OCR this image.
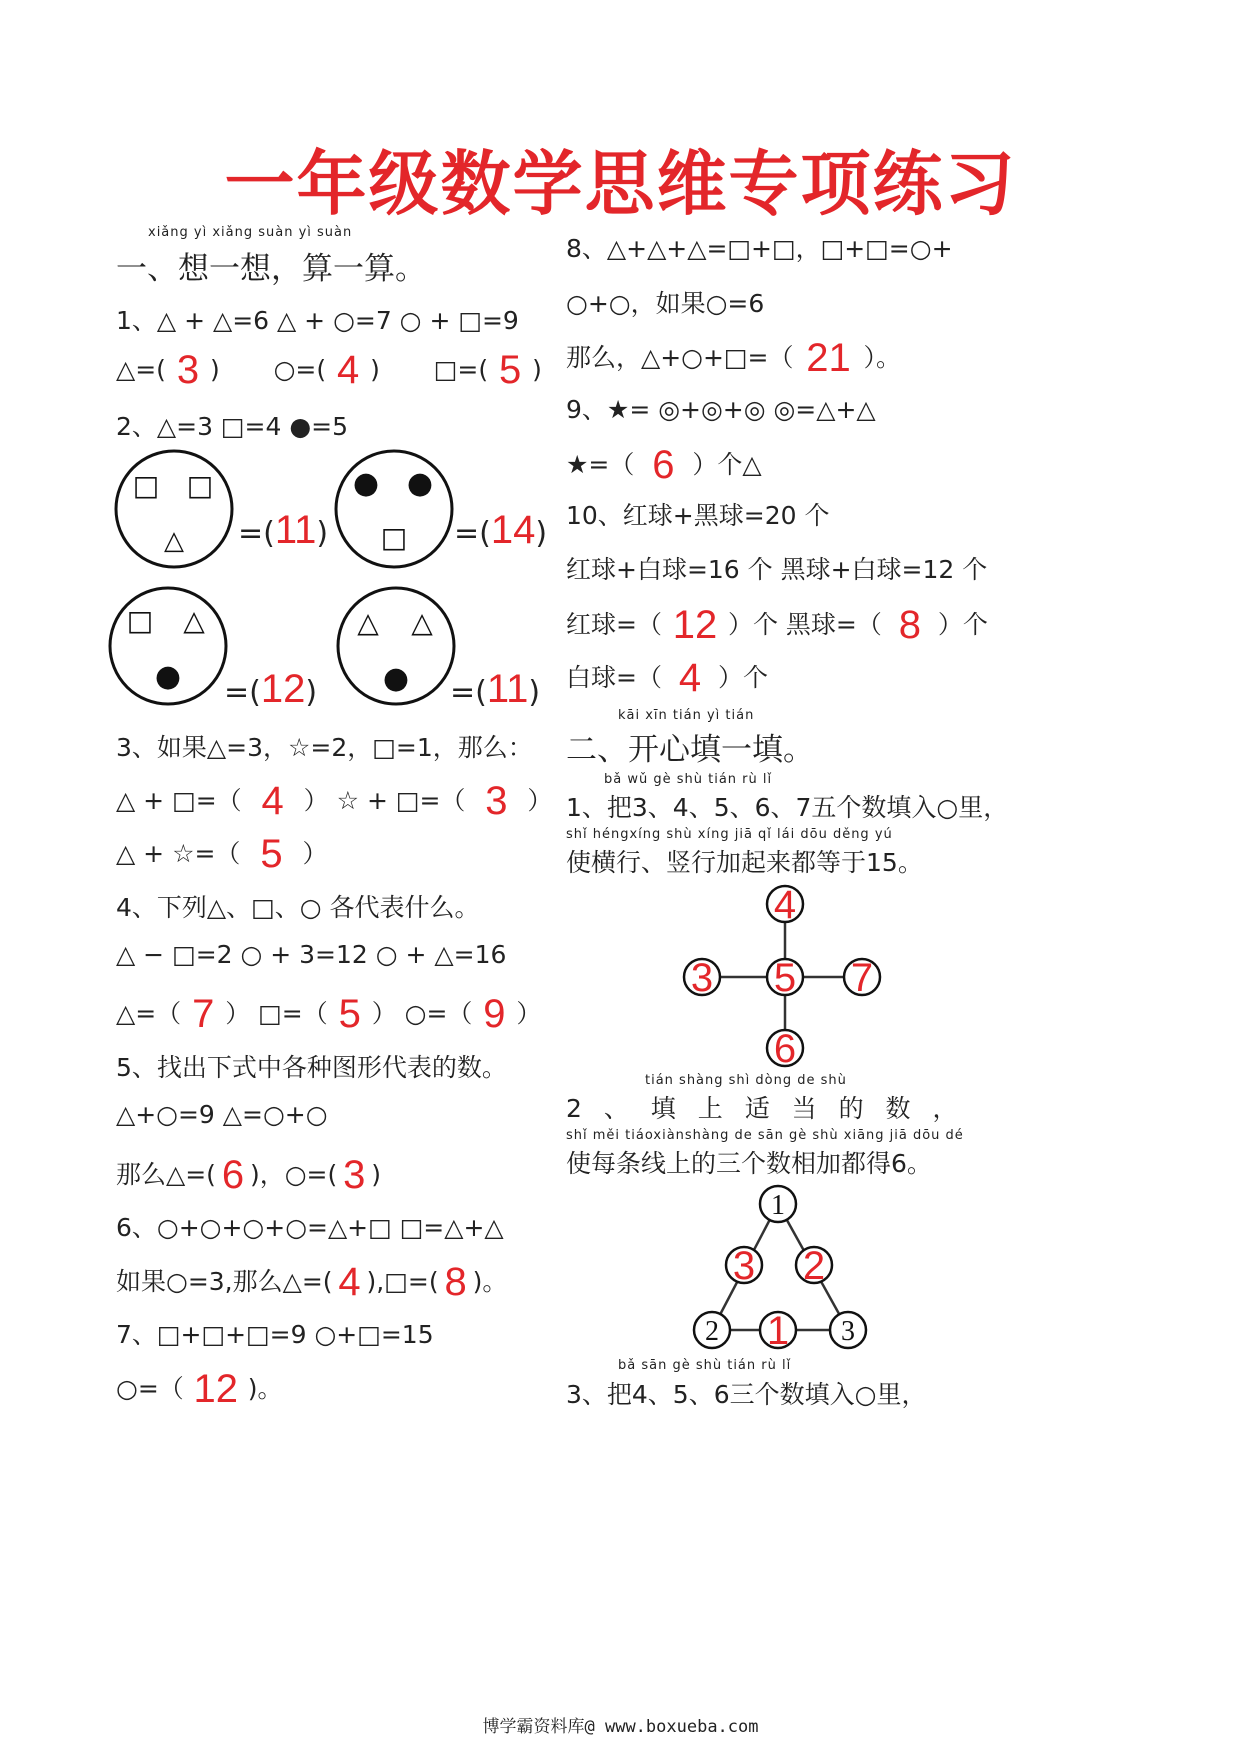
一年级数学思维专项练习
xiǎng yì xiǎng suàn yì suàn
一、想一想，算一算。
1、△ + △=6 △ + ○=7 ○ + □=9
△=( 3 ) ○=( 4 ) □=( 5 )
2、△=3 □=4 ●=5
□ □
△ =(11)
● ●
□ =(14)
□ △
● =(12)
△ △
● =(11)
3、如果△=3，☆=2，□=1，那么：
△ + □=（ 4 ） ☆ + □=（ 3 ）
△ + ☆=（ 5 ）
4、下列△、□、○ 各代表什么。
△ − □=2 ○ + 3=12 ○ + △=16
△=（ 7 ） □=（ 5 ） ○=（ 9 ）
5、找出下式中各种图形代表的数。
△+○=9 △=○+○
那么△=( 6 )，○=( 3 )
6、○+○+○+○=△+□ □=△+△
如果○=3,那么△=( 4 ),□=( 8 )。
7、□+□+□=9 ○+□=15
○=（ 12 )。
8、△+△+△=□+□，□+□=○+
○+○，如果○=6
那么，△+○+□=（ 21 ）。
9、★= ◎+◎+◎ ◎=△+△
★=（ 6 ）个△
10、红球+黑球=20 个
红球+白球=16 个 黑球+白球=12 个
红球=（ 12 ）个 黑球=（ 8 ）个
白球=（ 4 ）个
kāi xīn tián yì tián
二、开心填一填。
bǎ wǔ gè shù tián rù lǐ
1、把3、4、5、6、7五个数填入○里，
shǐ héngxíng shù xíng jiā qǐ lái dōu děng yú
使横行、竖行加起来都等于15。
4
3 5 7
6
tián shàng shì dòng de shù
2 、 填 上 适 当 的 数 ，
shǐ měi tiáoxiànshàng de sān gè shù xiāng jiā dōu dé
使每条线上的三个数相加都得6。
1
3 2
2 1 3
bǎ sān gè shù tián rù lǐ
3、把4、5、6三个数填入○里，
博学霸资料库@ www.boxueba.com
